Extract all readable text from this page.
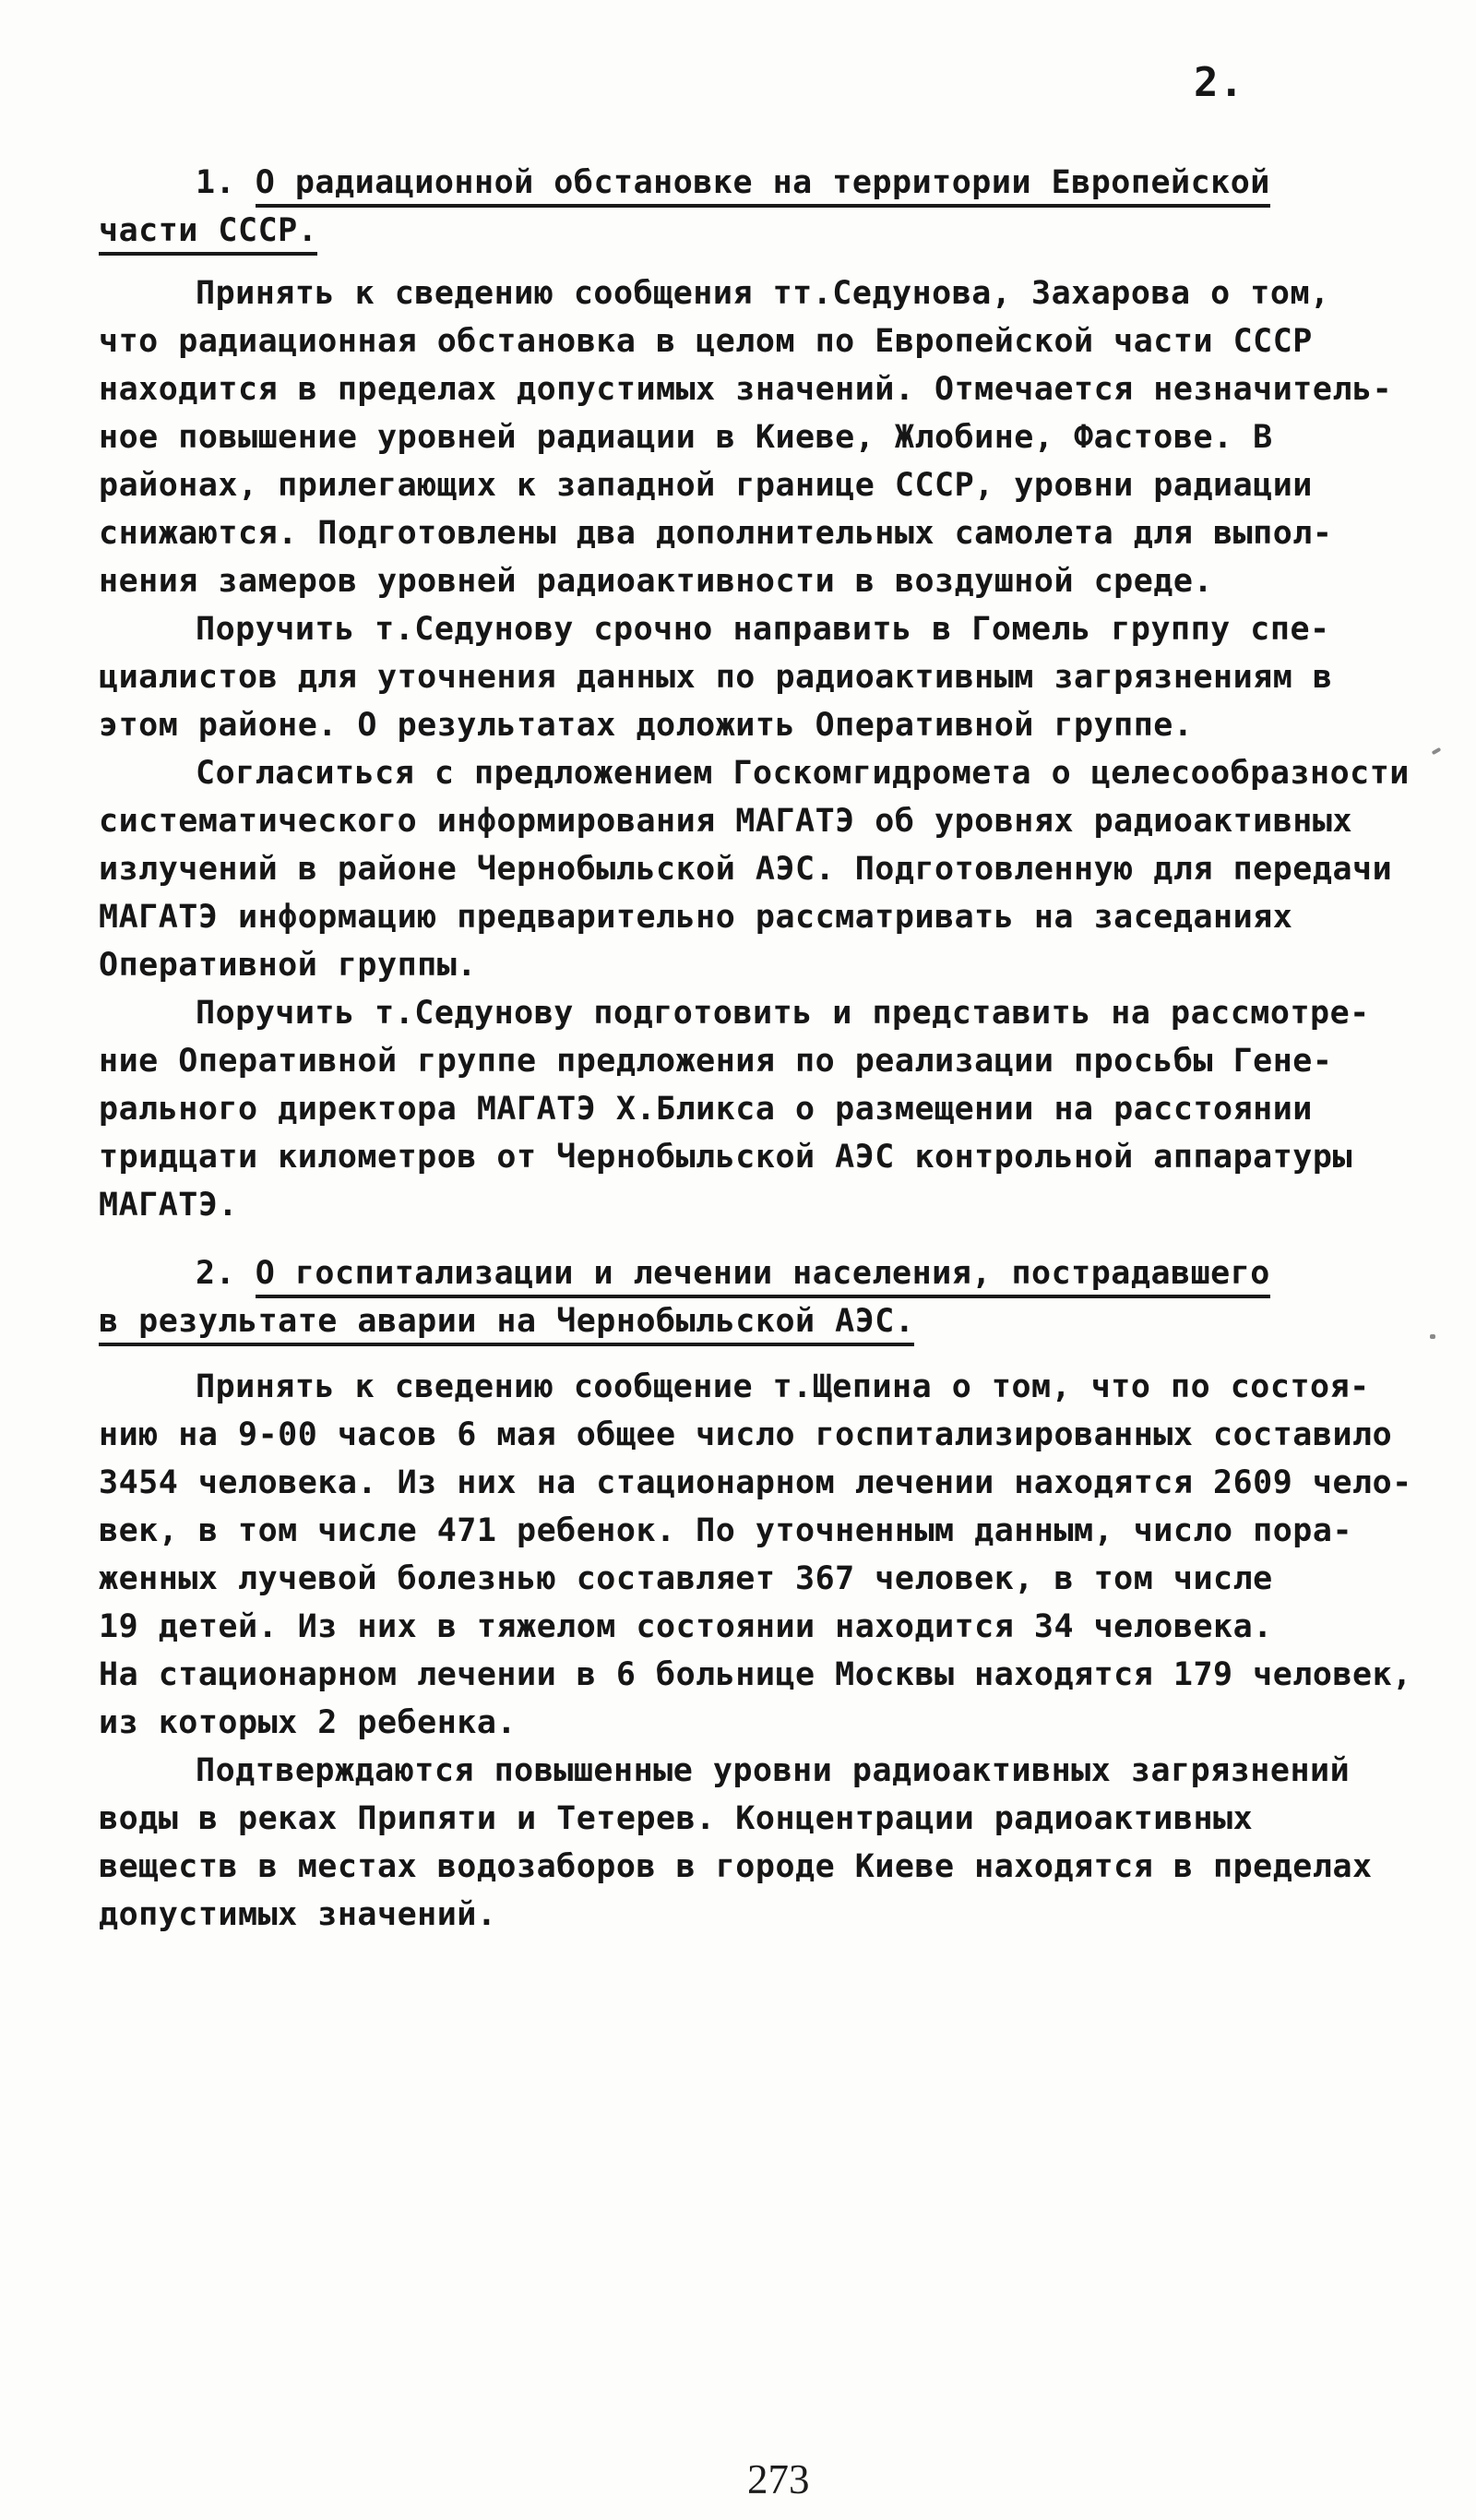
2.
1. О радиационной обстановке на территории Европейской
части СССР.
Принять к сведению сообщения тт.Седунова, Захарова о том,
что радиационная обстановка в целом по Европейской части СССР
находится в пределах допустимых значений. Отмечается незначитель-
ное повышение уровней радиации в Киеве, Жлобине, Фастове. В
районах, прилегающих к западной границе СССР, уровни радиации
снижаются. Подготовлены два дополнительных самолета для выпол-
нения замеров уровней радиоактивности в воздушной среде.
Поручить т.Седунову срочно направить в Гомель группу спе-
циалистов для уточнения данных по радиоактивным загрязнениям в
этом районе. О результатах доложить Оперативной группе.
Согласиться с предложением Госкомгидромета о целесообразности
систематического информирования МАГАТЭ об уровнях радиоактивных
излучений в районе Чернобыльской АЭС. Подготовленную для передачи
МАГАТЭ информацию предварительно рассматривать на заседаниях
Оперативной группы.
Поручить т.Седунову подготовить и представить на рассмотре-
ние Оперативной группе предложения по реализации просьбы Гене-
рального директора МАГАТЭ Х.Бликса о размещении на расстоянии
тридцати километров от Чернобыльской АЭС контрольной аппаратуры
МАГАТЭ.
2. О госпитализации и лечении населения, пострадавшего
в результате аварии на Чернобыльской АЭС.
Принять к сведению сообщение т.Щепина о том, что по состоя-
нию на 9-00 часов 6 мая общее число госпитализированных составило
3454 человека. Из них на стационарном лечении находятся 2609 чело-
век, в том числе 471 ребенок. По уточненным данным, число пора-
женных лучевой болезнью составляет 367 человек, в том числе
19 детей. Из них в тяжелом состоянии находится 34 человека.
На стационарном лечении в 6 больнице Москвы находятся 179 человек,
из которых 2 ребенка.
Подтверждаются повышенные уровни радиоактивных загрязнений
воды в реках Припяти и Тетерев. Концентрации радиоактивных
веществ в местах водозаборов в городе Киеве находятся в пределах
допустимых значений.
273
